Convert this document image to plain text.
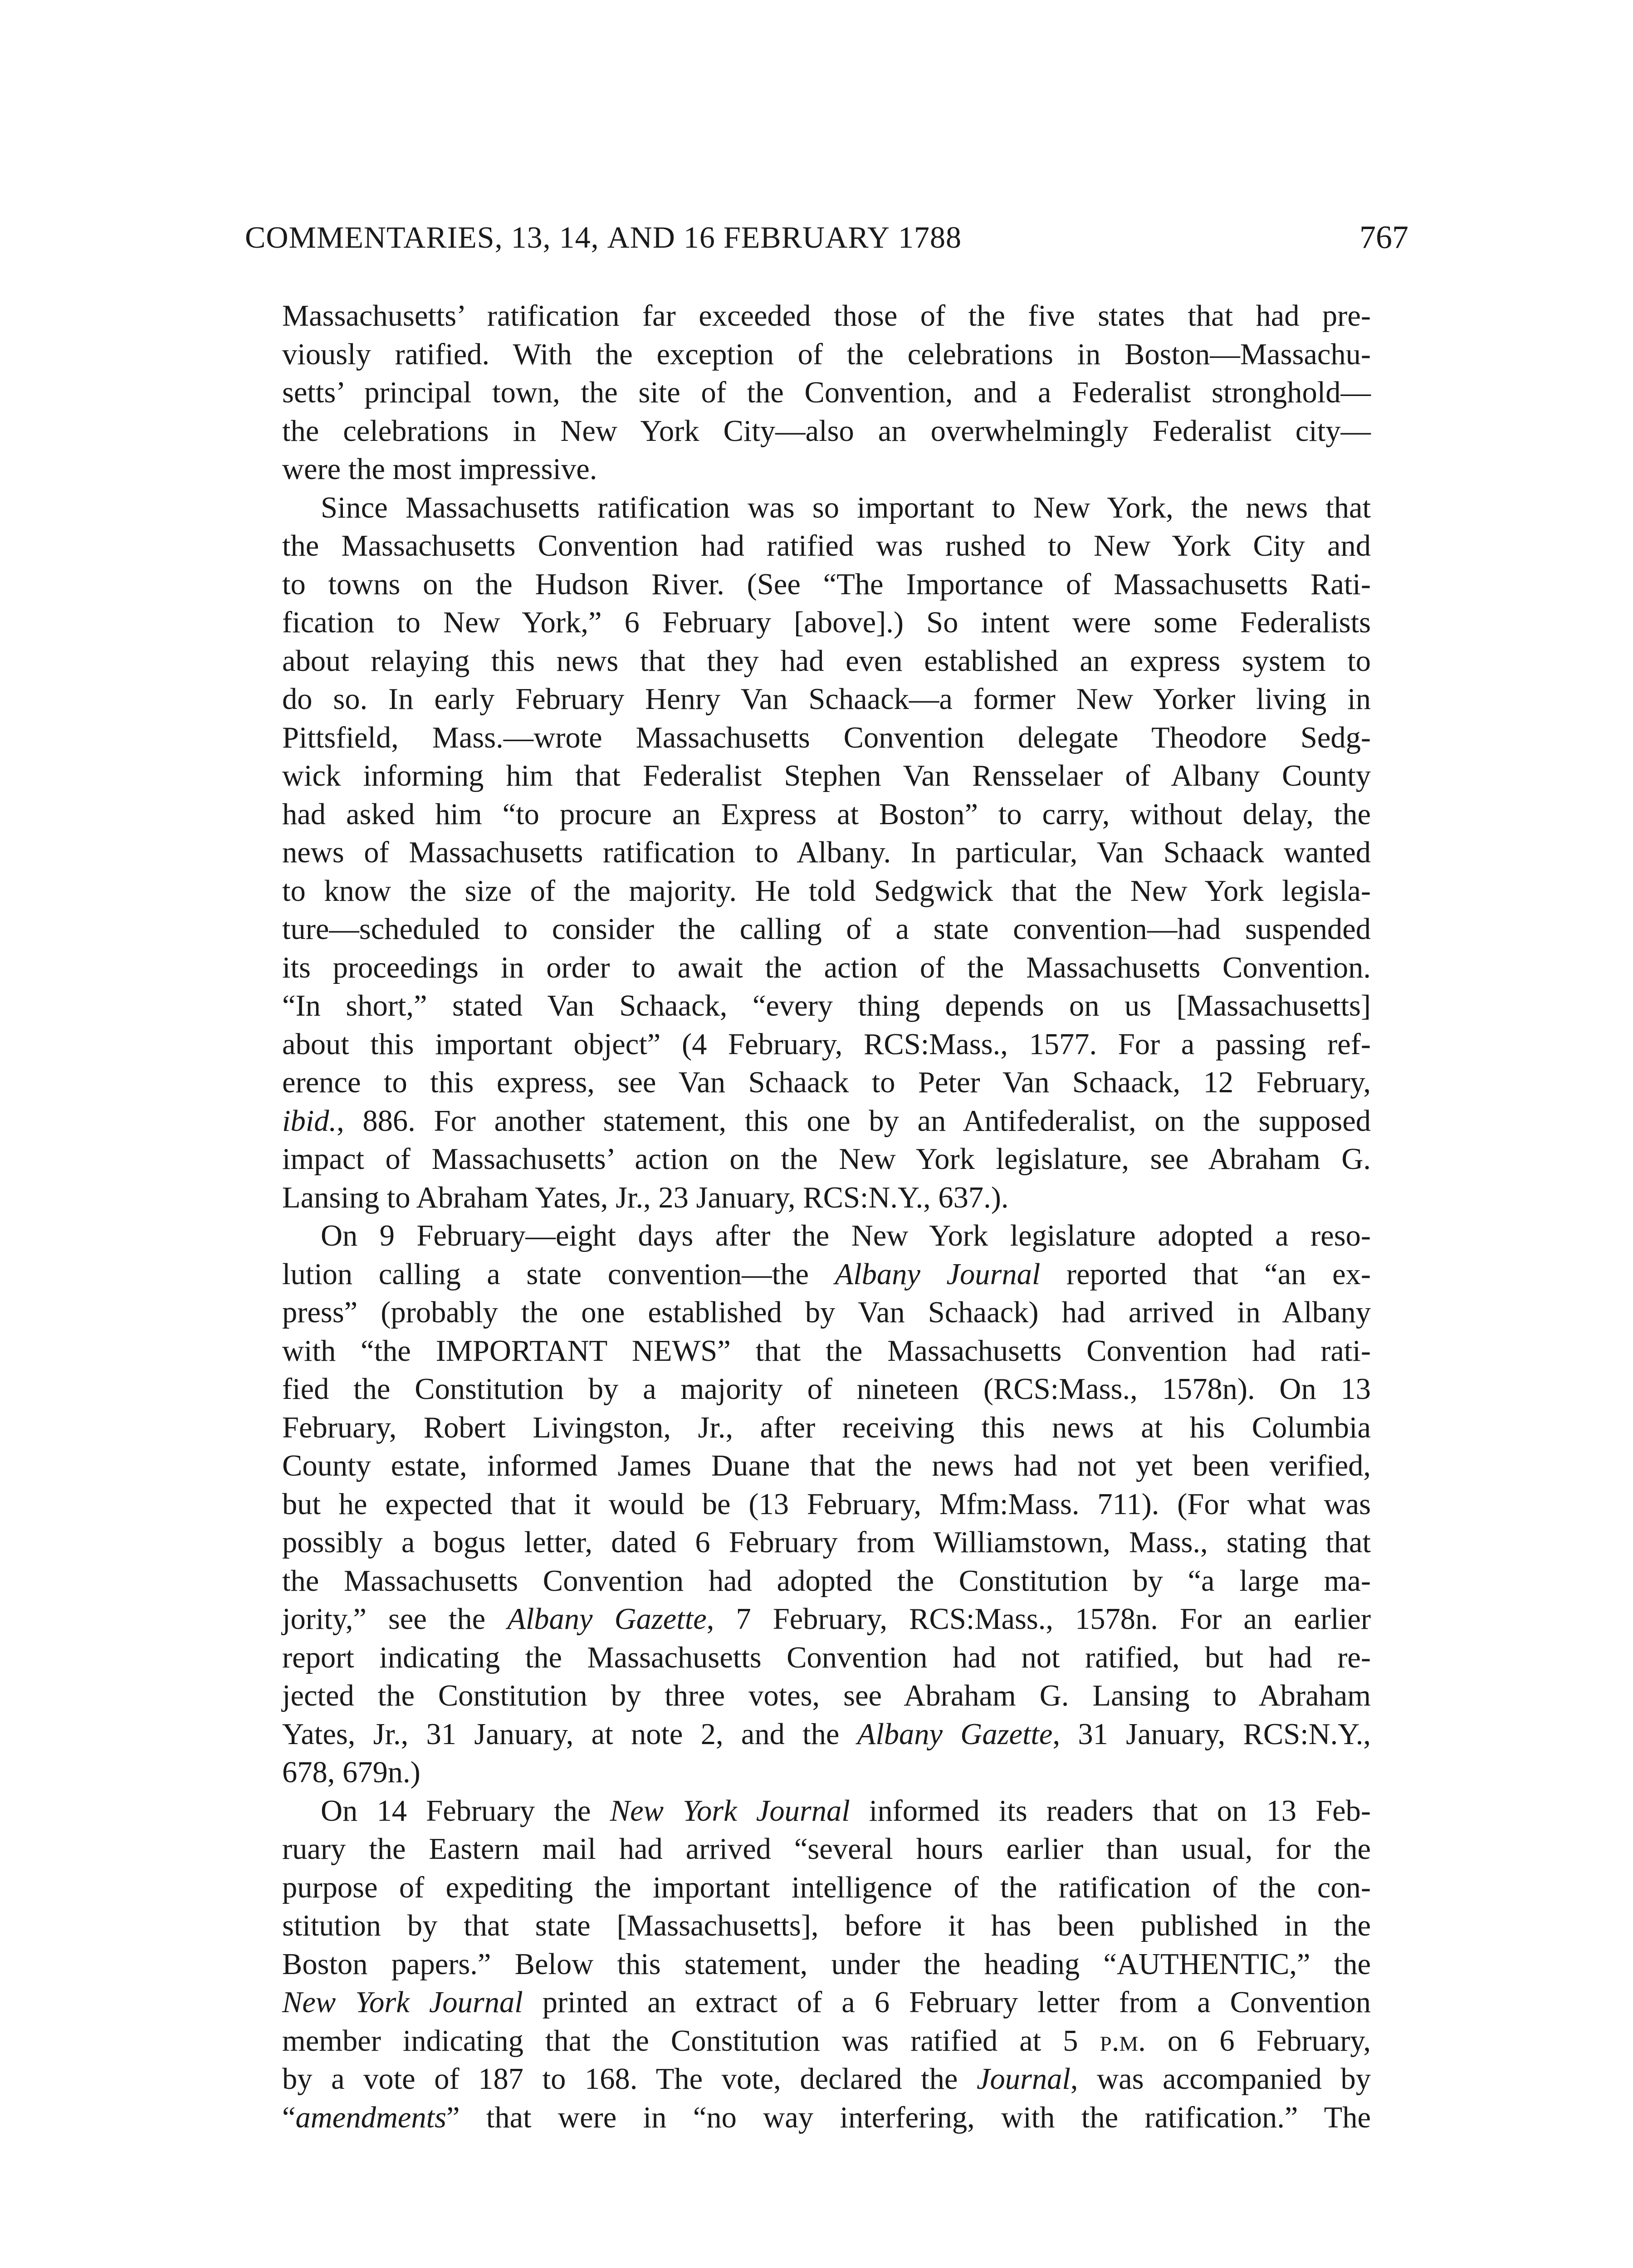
COMMENTARIES, 13, 14, AND 16 FEBRUARY 1788	767
Massachusetts’ ratification far exceeded those of the five states that had pre-
viously ratified. With the exception of the celebrations in Boston—Massachu-
setts’ principal town, the site of the Convention, and a Federalist stronghold—
the celebrations in New York City—also an overwhelmingly Federalist city—
were the most impressive.
Since Massachusetts ratification was so important to New York, the news that
the Massachusetts Convention had ratified was rushed to New York City and
to towns on the Hudson River. (See “The Importance of Massachusetts Rati-
fication to New York,” 6 February [above].) So intent were some Federalists
about relaying this news that they had even established an express system to
do so. In early February Henry Van Schaack—a former New Yorker living in
Pittsfield, Mass.—wrote Massachusetts Convention delegate Theodore Sedg-
wick informing him that Federalist Stephen Van Rensselaer of Albany County
had asked him “to procure an Express at Boston” to carry, without delay, the
news of Massachusetts ratification to Albany. In particular, Van Schaack wanted
to know the size of the majority. He told Sedgwick that the New York legisla-
ture—scheduled to consider the calling of a state convention—had suspended
its proceedings in order to await the action of the Massachusetts Convention.
“In short,” stated Van Schaack, “every thing depends on us [Massachusetts]
about this important object” (4 February, RCS:Mass., 1577. For a passing ref-
erence to this express, see Van Schaack to Peter Van Schaack, 12 February,
ibid., 886. For another statement, this one by an Antifederalist, on the supposed
impact of Massachusetts’ action on the New York legislature, see Abraham G.
Lansing to Abraham Yates, Jr., 23 January, RCS:N.Y., 637.).
On 9 February—eight days after the New York legislature adopted a reso-
lution calling a state convention—the Albany Journal reported that “an ex-
press” (probably the one established by Van Schaack) had arrived in Albany
with “the IMPORTANT NEWS” that the Massachusetts Convention had rati-
fied the Constitution by a majority of nineteen (RCS:Mass., 1578n). On 13
February, Robert Livingston, Jr., after receiving this news at his Columbia
County estate, informed James Duane that the news had not yet been verified,
but he expected that it would be (13 February, Mfm:Mass. 711). (For what was
possibly a bogus letter, dated 6 February from Williamstown, Mass., stating that
the Massachusetts Convention had adopted the Constitution by “a large ma-
jority,” see the Albany Gazette, 7 February, RCS:Mass., 1578n. For an earlier
report indicating the Massachusetts Convention had not ratified, but had re-
jected the Constitution by three votes, see Abraham G. Lansing to Abraham
Yates, Jr., 31 January, at note 2, and the Albany Gazette, 31 January, RCS:N.Y.,
678, 679n.)
On 14 February the New York Journal informed its readers that on 13 Feb-
ruary the Eastern mail had arrived “several hours earlier than usual, for the
purpose of expediting the important intelligence of the ratification of the con-
stitution by that state [Massachusetts], before it has been published in the
Boston papers.” Below this statement, under the heading “AUTHENTIC,” the
New York Journal printed an extract of a 6 February letter from a Convention
member indicating that the Constitution was ratified at 5 p.m. on 6 February,
by a vote of 187 to 168. The vote, declared the Journal, was accompanied by
“amendments” that were in “no way interfering, with the ratification.” The
